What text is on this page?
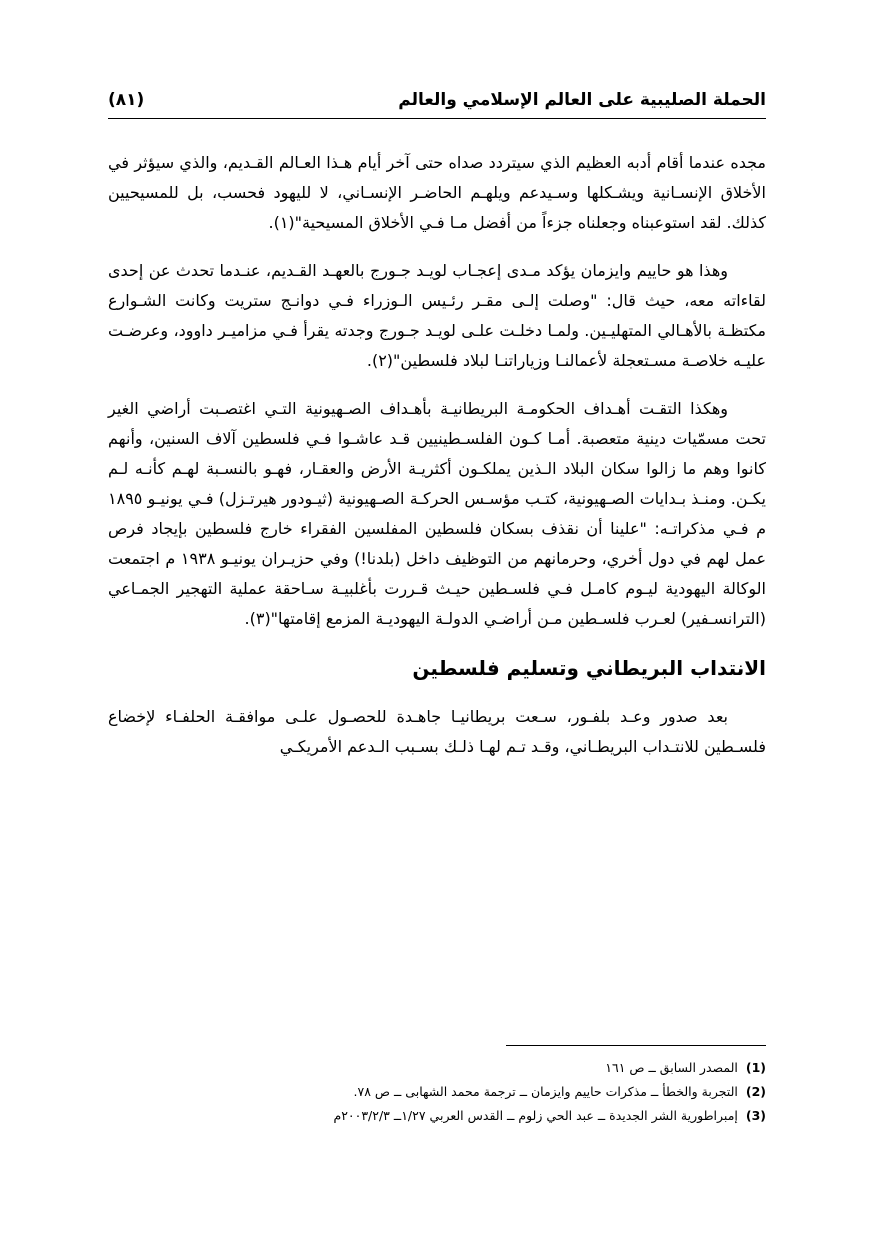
الحملة الصليبية على العالم الإسلامي والعالم
(٨١)

مجده عندما أقام أدبه العظيم الذي سيتردد صداه حتى آخر أيام هـذا العـالم القـديم، والذي سيؤثر في الأخلاق الإنسـانية ويشـكلها وسـيدعم ويلهـم الحاضـر الإنسـاني، لا لليهود فحسب، بل للمسيحيين كذلك. لقد استوعبناه وجعلناه جزءاً من أفضل مـا فـي الأخلاق المسيحية"(١).

وهذا هو حاييم وايزمان يؤكد مـدى إعجـاب لويـد جـورج بالعهـد القـديم، عنـدما تحدث عن إحدى لقاءاته معه، حيث قال: "وصلت إلـى مقـر رئـيس الـوزراء فـي دوانـج ستريت وكانت الشـوارع مكتظـة بالأهـالي المتهليـين. ولمـا دخلـت علـى لويـد جـورج وجدته يقرأ فـي مزاميـر داوود، وعرضـت عليـه خلاصـة مسـتعجلة لأعمالنـا وزياراتنـا لبلاد فلسطين"(٢).

وهكذا التقـت أهـداف الحكومـة البريطانيـة بأهـداف الصـهيونية التـي اغتصـبت أراضي الغير تحت مسمّيات دينية متعصبة. أمـا كـون الفلسـطينيين قـد عاشـوا فـي فلسطين آلاف السنين، وأنهم كانوا وهم ما زالوا سكان البلاد الـذين يملكـون أكثريـة الأرض والعقـار، فهـو بالنسـبة لهـم كأنـه لـم يكـن. ومنـذ بـدايات الصـهيونية، كتـب مؤسـس الحركـة الصـهيونية (ثيـودور هيرتـزل) فـي يونيـو ١٨٩٥ م فـي مذكراتـه: "علينا أن نقذف بسكان فلسطين المفلسين الفقراء خارج فلسطين بإيجاد فرص عمل لهم في دول أخري، وحرمانهم من التوظيف داخل (بلدنا!) وفي حزيـران يونيـو ١٩٣٨ م اجتمعت الوكالة اليهودية ليـوم كامـل فـي فلسـطين حيـث قـررت بأغلبيـة سـاحقة عملية التهجير الجمـاعي (الترانسـفير) لعـرب فلسـطين مـن أراضـي الدولـة اليهوديـة المزمع إقامتها"(٣).

الانتداب البريطاني وتسليم فلسطين

بعد صدور وعـد بلفـور، سـعت بريطانيـا جاهـدة للحصـول علـى موافقـة الحلفـاء لإخضاع فلسـطين للانتـداب البريطـاني، وقـد تـم لهـا ذلـك بسـبب الـدعم الأمريكـي

(1)المصدر السابق ــ ص ١٦١
(2)التجربة والخطأ ــ مذكرات حاييم وايزمان ــ ترجمة محمد الشهابى ــ ص ٧٨.
(3)إمبراطورية الشر الجديدة ــ عبد الحي زلوم ــ القدس العربي ١/٢٧ــ ٢٠٠٣/٢/٣م
